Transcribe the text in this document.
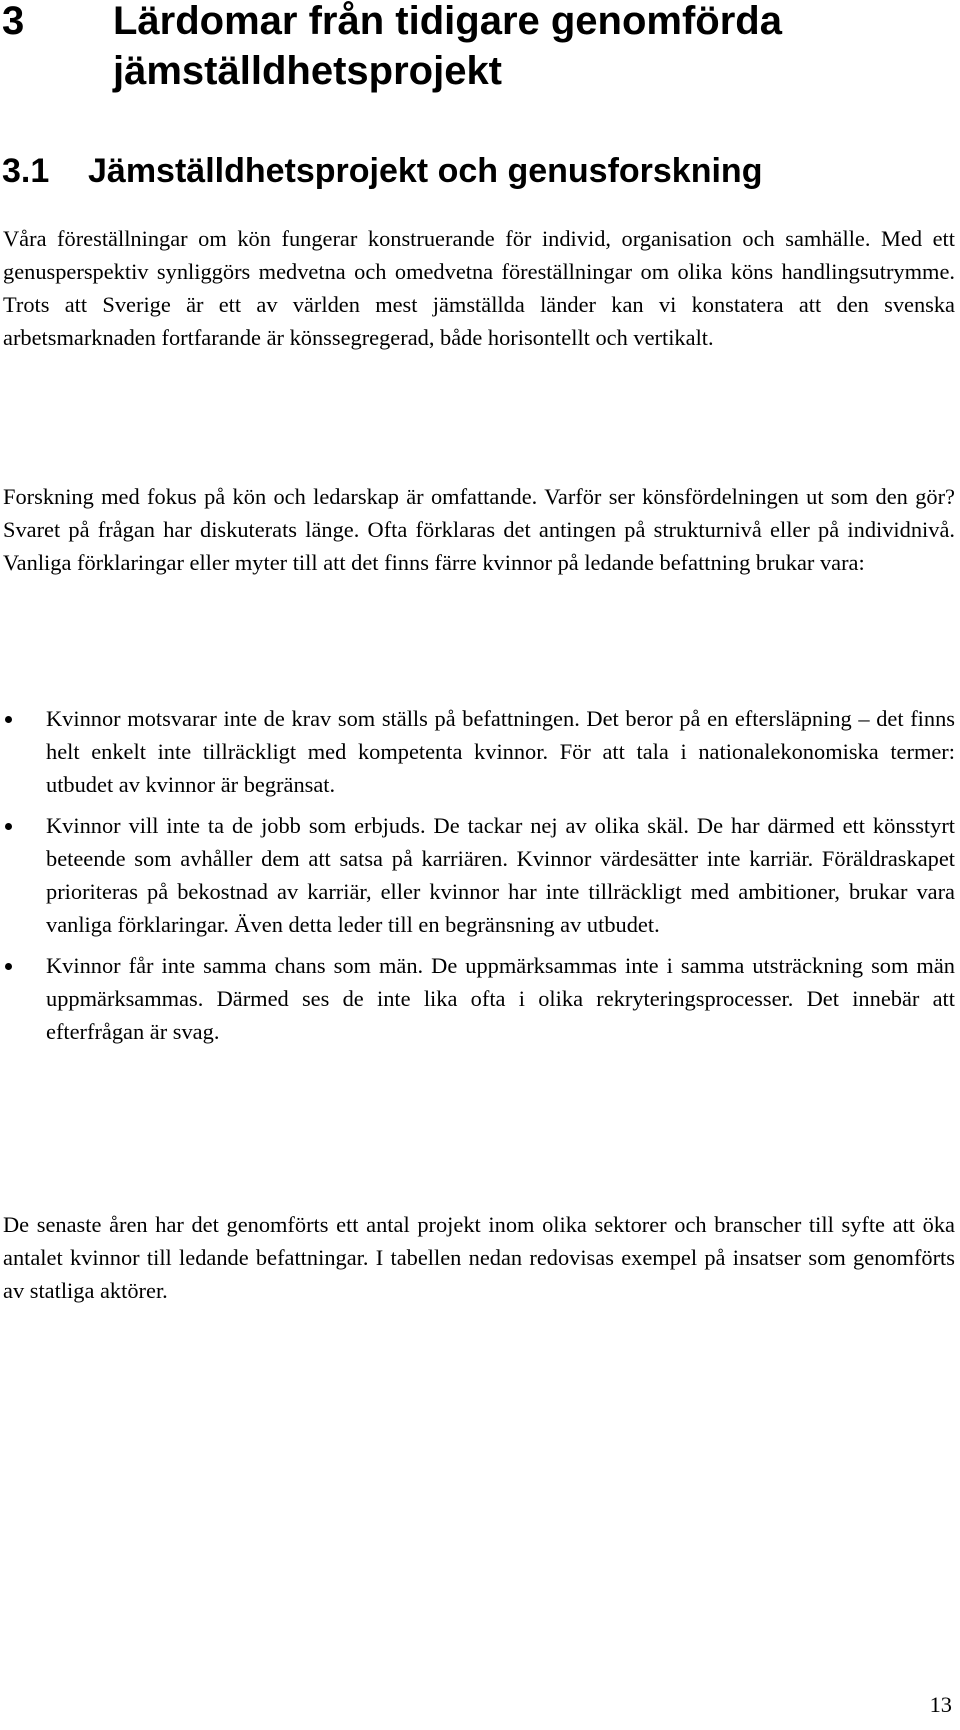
3 Lärdomar från tidigare genomförda jämställdhetsprojekt
3.1 Jämställdhetsprojekt och genusforskning

Våra föreställningar om kön fungerar konstruerande för individ, organisation och samhälle. Med ett genusperspektiv synliggörs medvetna och omedvetna föreställningar om olika köns handlingsutrymme. Trots att Sverige är ett av världen mest jämställda länder kan vi konstatera att den svenska arbetsmarknaden fortfarande är könssegregerad, både horisontellt och vertikalt.

Forskning med fokus på kön och ledarskap är omfattande. Varför ser könsfördelningen ut som den gör? Svaret på frågan har diskuterats länge. Ofta förklaras det antingen på strukturnivå eller på individnivå. Vanliga förklaringar eller myter till att det finns färre kvinnor på ledande befattning brukar vara:

Kvinnor motsvarar inte de krav som ställs på befattningen. Det beror på en eftersläpning – det finns helt enkelt inte tillräckligt med kompetenta kvinnor. För att tala i nationalekonomiska termer: utbudet av kvinnor är begränsat.

Kvinnor vill inte ta de jobb som erbjuds. De tackar nej av olika skäl. De har därmed ett könsstyrt beteende som avhåller dem att satsa på karriären. Kvinnor värdesätter inte karriär. Föräldraskapet prioriteras på bekostnad av karriär, eller kvinnor har inte tillräckligt med ambitioner, brukar vara vanliga förklaringar. Även detta leder till en begränsning av utbudet.

Kvinnor får inte samma chans som män. De uppmärksammas inte i samma utsträckning som män uppmärksammas. Därmed ses de inte lika ofta i olika rekryteringsprocesser. Det innebär att efterfrågan är svag.

De senaste åren har det genomförts ett antal projekt inom olika sektorer och branscher till syfte att öka antalet kvinnor till ledande befattningar. I tabellen nedan redovisas exempel på insatser som genomförts av statliga aktörer.

13
